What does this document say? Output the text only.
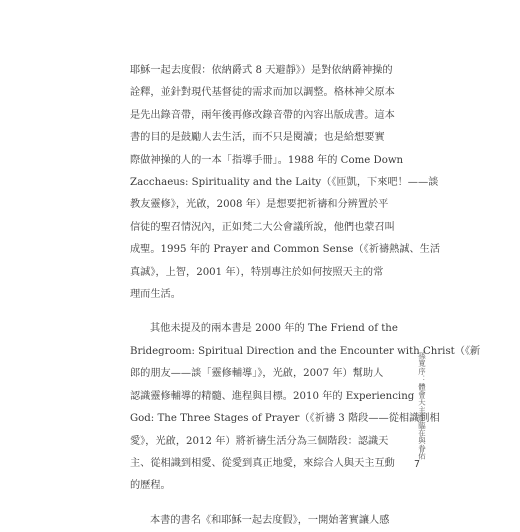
耶穌一起去度假：依納爵式 8 天避靜》）是對依納爵神操的
詮釋，並針對現代基督徒的需求而加以調整。格林神父原本
是先出錄音帶，兩年後再修改錄音帶的內容出版成書。這本
書的目的是鼓勵人去生活，而不只是閱讀；也是給想要實
際做神操的人的一本「指導手冊」。1988 年的 Come Down
Zacchaeus: Spirituality and the Laity（《匝凱，下來吧！——談
教友靈修》，光啟，2008 年）是想要把祈禱和分辨置於平
信徒的聖召情況內，正如梵二大公會議所說，他們也蒙召叫
成聖。1995 年的 Prayer and Common Sense（《祈禱熱誠、生活
真誠》，上智，2001 年），特別專注於如何按照天主的常
理而生活。

其他未提及的兩本書是 2000 年的 The Friend of the
Bridegroom: Spiritual Direction and the Encounter with Christ（《新
郎的朋友——談「靈修輔導」》，光啟，2007 年）幫助人
認識靈修輔導的精髓、進程與目標。2010 年的 Experiencing
God: The Three Stages of Prayer（《祈禱 3 階段——從相識到相
愛》，光啟，2012 年）將祈禱生活分為三個階段：認識天
主、從相識到相愛、從愛到真正地愛，來綜合人與天主互動
的歷程。

本書的書名《和耶穌一起去度假》，一開始著實讓人感

孫寬序：體會天主的臨在與眷佑
7
